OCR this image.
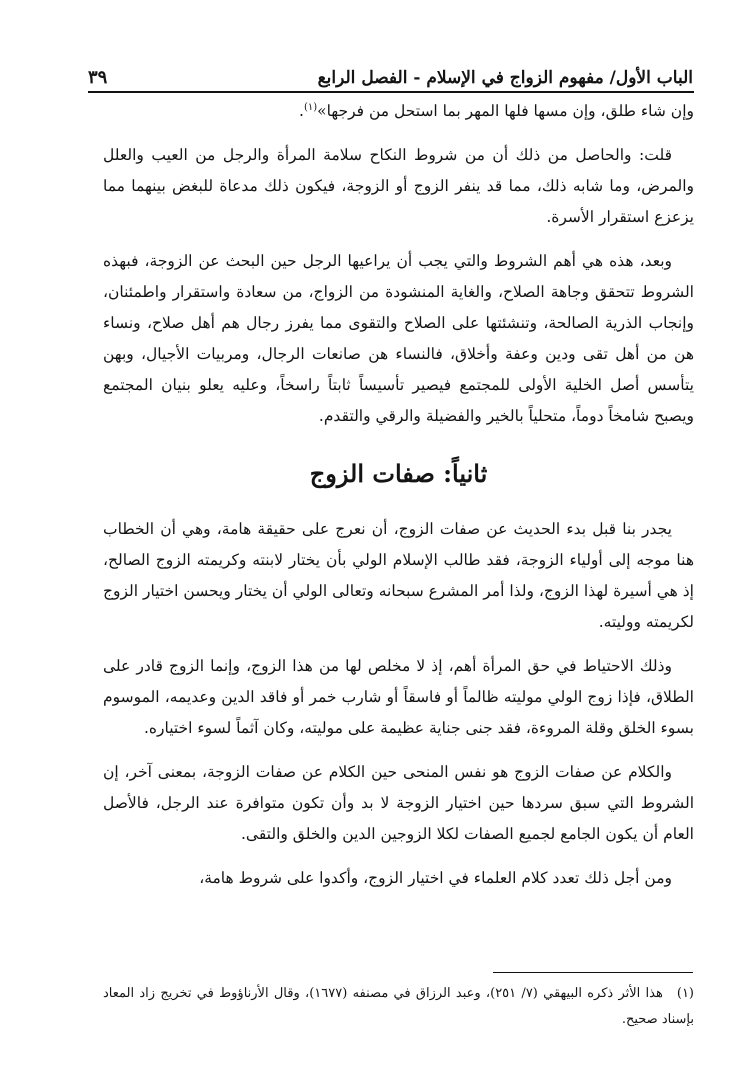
الباب الأول/ مفهوم الزواج في الإسلام - الفصل الرابع
٣٩

وإن شاء طلق، وإن مسها فلها المهر بما استحل من فرجها»$^{(١)}$.

قلت: والحاصل من ذلك أن من شروط النكاح سلامة المرأة والرجل من العيب والعلل والمرض، وما شابه ذلك، مما قد ينفر الزوج أو الزوجة، فيكون ذلك مدعاة للبغض بينهما مما يزعزع استقرار الأسرة.

وبعد، هذه هي أهم الشروط والتي يجب أن يراعيها الرجل حين البحث عن الزوجة، فبهذه الشروط تتحقق وجاهة الصلاح، والغاية المنشودة من الزواج، من سعادة واستقرار واطمئنان، وإنجاب الذرية الصالحة، وتنشئتها على الصلاح والتقوى مما يفرز رجال هم أهل صلاح، ونساء هن من أهل تقى ودين وعفة وأخلاق، فالنساء هن صانعات الرجال، ومربيات الأجيال، وبهن يتأسس أصل الخلية الأولى للمجتمع فيصير تأسيساً ثابتاً راسخاً، وعليه يعلو بنيان المجتمع ويصبح شامخاً دوماً، متحلياً بالخير والفضيلة والرقي والتقدم.

ثانياً: صفات الزوج

يجدر بنا قبل بدء الحديث عن صفات الزوج، أن نعرج على حقيقة هامة، وهي أن الخطاب هنا موجه إلى أولياء الزوجة، فقد طالب الإسلام الولي بأن يختار لابنته وكريمته الزوج الصالح، إذ هي أسيرة لهذا الزوج، ولذا أمر المشرع سبحانه وتعالى الولي أن يختار ويحسن اختيار الزوج لكريمته ووليته.

وذلك الاحتياط في حق المرأة أهم، إذ لا مخلص لها من هذا الزوج، وإنما الزوج قادر على الطلاق، فإذا زوج الولي موليته ظالماً أو فاسقاً أو شارب خمر أو فاقد الدين وعديمه، الموسوم بسوء الخلق وقلة المروءة، فقد جنى جناية عظيمة على موليته، وكان آثماً لسوء اختياره.

والكلام عن صفات الزوج هو نفس المنحى حين الكلام عن صفات الزوجة، بمعنى آخر، إن الشروط التي سبق سردها حين اختيار الزوجة لا بد وأن تكون متوافرة عند الرجل، فالأصل العام أن يكون الجامع لجميع الصفات لكلا الزوجين الدين والخلق والتقى.

ومن أجل ذلك تعدد كلام العلماء في اختيار الزوج، وأكدوا على شروط هامة،

(١)هذا الأثر ذكره البيهقي (٧/ ٢٥١)، وعبد الرزاق في مصنفه (١٦٧٧)، وقال الأرناؤوط في تخريج زاد المعاد بإسناد صحيح.
